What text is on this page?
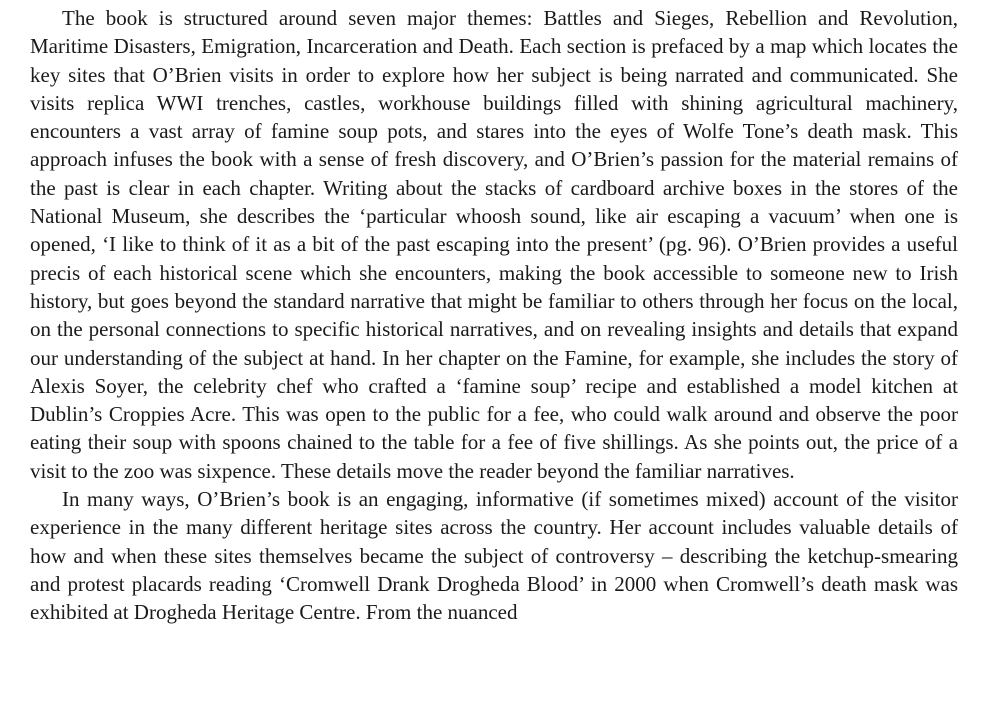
The book is structured around seven major themes: Battles and Sieges, Rebellion and Revolution, Maritime Disasters, Emigration, Incarceration and Death. Each section is prefaced by a map which locates the key sites that O’Brien visits in order to explore how her subject is being narrated and communicated. She visits replica WWI trenches, castles, workhouse buildings filled with shining agricultural machinery, encounters a vast array of famine soup pots, and stares into the eyes of Wolfe Tone’s death mask. This approach infuses the book with a sense of fresh discovery, and O’Brien’s passion for the material remains of the past is clear in each chapter. Writing about the stacks of cardboard archive boxes in the stores of the National Museum, she describes the ‘particular whoosh sound, like air escaping a vacuum’ when one is opened, ‘I like to think of it as a bit of the past escaping into the present’ (pg. 96). O’Brien provides a useful precis of each historical scene which she encounters, making the book accessible to someone new to Irish history, but goes beyond the standard narrative that might be familiar to others through her focus on the local, on the personal connections to specific historical narratives, and on revealing insights and details that expand our understanding of the subject at hand. In her chapter on the Famine, for example, she includes the story of Alexis Soyer, the celebrity chef who crafted a ‘famine soup’ recipe and established a model kitchen at Dublin’s Croppies Acre. This was open to the public for a fee, who could walk around and observe the poor eating their soup with spoons chained to the table for a fee of five shillings. As she points out, the price of a visit to the zoo was sixpence. These details move the reader beyond the familiar narratives.

In many ways, O’Brien’s book is an engaging, informative (if sometimes mixed) account of the visitor experience in the many different heritage sites across the country. Her account includes valuable details of how and when these sites themselves became the subject of controversy – describing the ketchup-smearing and protest placards reading ‘Cromwell Drank Drogheda Blood’ in 2000 when Cromwell’s death mask was exhibited at Drogheda Heritage Centre. From the nuanced
